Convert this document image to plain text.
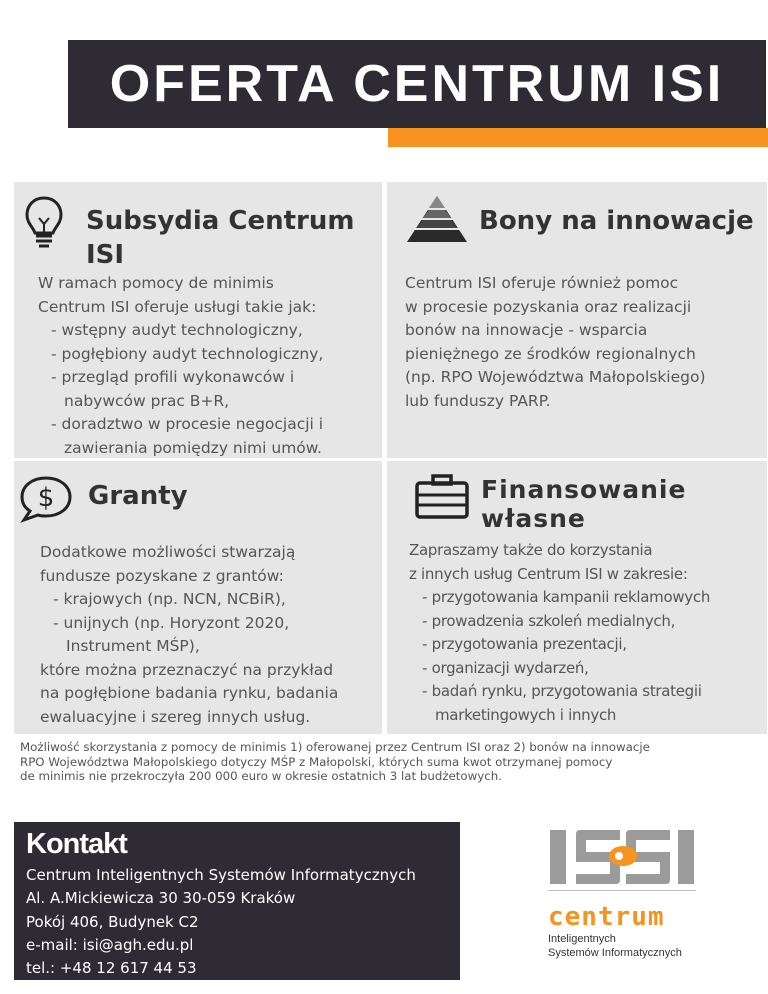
OFERTA CENTRUM ISI

Subsydia Centrum
ISI

W ramach pomocy de minimis
Centrum ISI oferuje usługi takie jak:
- wstępny audyt technologiczny,
- pogłębiony audyt technologiczny,
- przegląd profili wykonawców i nabywców prac B+R,
- doradztwo w procesie negocjacji i zawierania pomiędzy nimi umów.

Bony na innowacje

Centrum ISI oferuje również pomoc
w procesie pozyskania oraz realizacji
bonów na innowacje - wsparcia
pieniężnego ze środków regionalnych
(np. RPO Województwa Małopolskiego)
lub funduszy PARP.
$ Granty

Dodatkowe możliwości stwarzają
fundusze pozyskane z grantów:
- krajowych (np. NCN, NCBiR),
- unijnych (np. Horyzont 2020, Instrument MŚP),
które można przeznaczyć na przykład
na pogłębione badania rynku, badania
ewaluacyjne i szereg innych usług.

Finansowanie
własne

Zapraszamy także do korzystania
z innych usług Centrum ISI w zakresie:
- przygotowania kampanii reklamowych
- prowadzenia szkoleń medialnych,
- przygotowania prezentacji,
- organizacji wydarzeń,
- badań rynku, przygotowania strategii marketingowych i innych
Możliwość skorzystania z pomocy de minimis 1) oferowanej przez Centrum ISI oraz 2) bonów na innowacje
RPO Województwa Małopolskiego dotyczy MŚP z Małopolski, których suma kwot otrzymanej pomocy
de minimis nie przekroczyła 200 000 euro w okresie ostatnich 3 lat budżetowych.
Kontakt
Centrum Inteligentnych Systemów Informatycznych
Al. A.Mickiewicza 30 30-059 Kraków
Pokój 406, Budynek C2
e-mail: isi@agh.edu.pl
tel.: +48 12 617 44 53
centrum
Inteligentnych
Systemów Informatycznych
